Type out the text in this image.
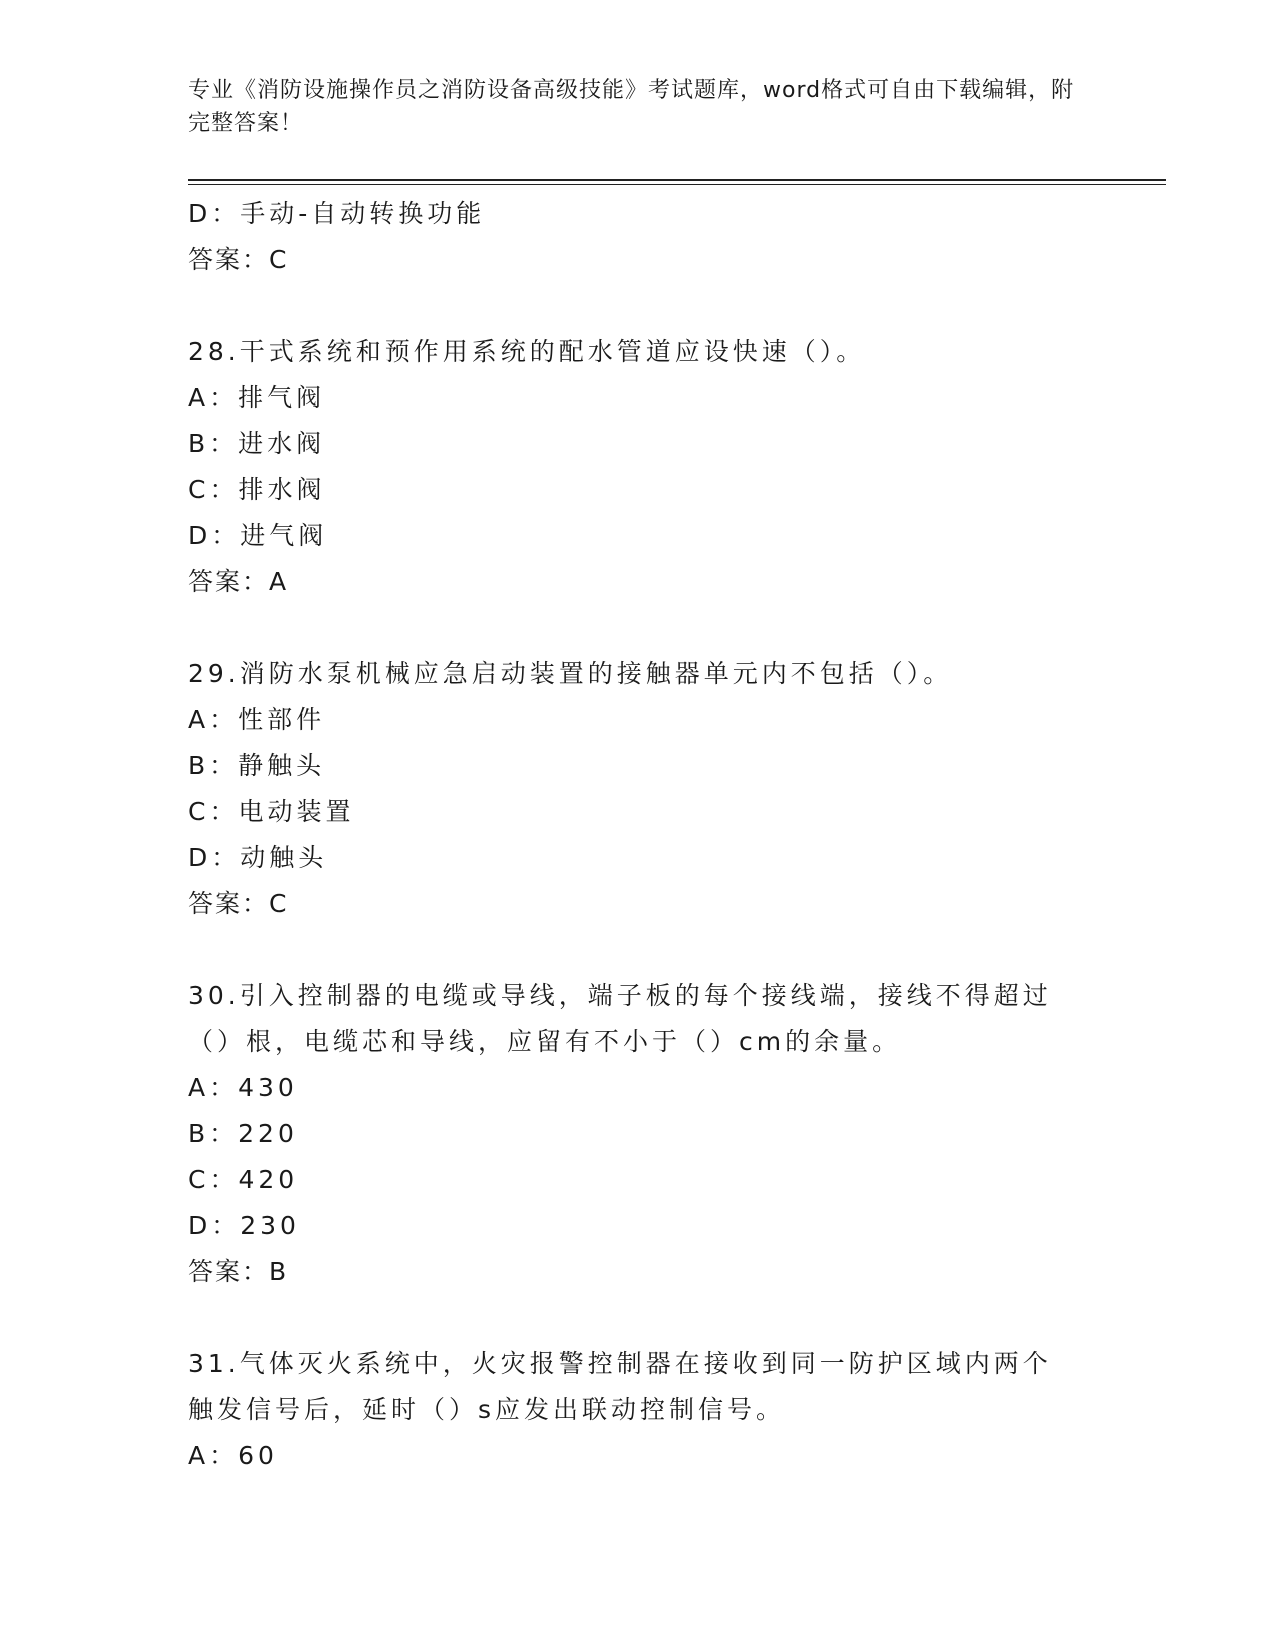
专业《消防设施操作员之消防设备高级技能》考试题库，word格式可自由下载编辑，附完整答案！
D：手动-自动转换功能
答案：C
28.干式系统和预作用系统的配水管道应设快速（）。
A：排气阀
B：进水阀
C：排水阀
D：进气阀
答案：A
29.消防水泵机械应急启动装置的接触器单元内不包括（）。
A：性部件
B：静触头
C：电动装置
D：动触头
答案：C
30.引入控制器的电缆或导线，端子板的每个接线端，接线不得超过（）根，电缆芯和导线，应留有不小于（）cm的余量。
A：430
B：220
C：420
D：230
答案：B
31.气体灭火系统中，火灾报警控制器在接收到同一防护区域内两个触发信号后，延时（）s应发出联动控制信号。
A：60
